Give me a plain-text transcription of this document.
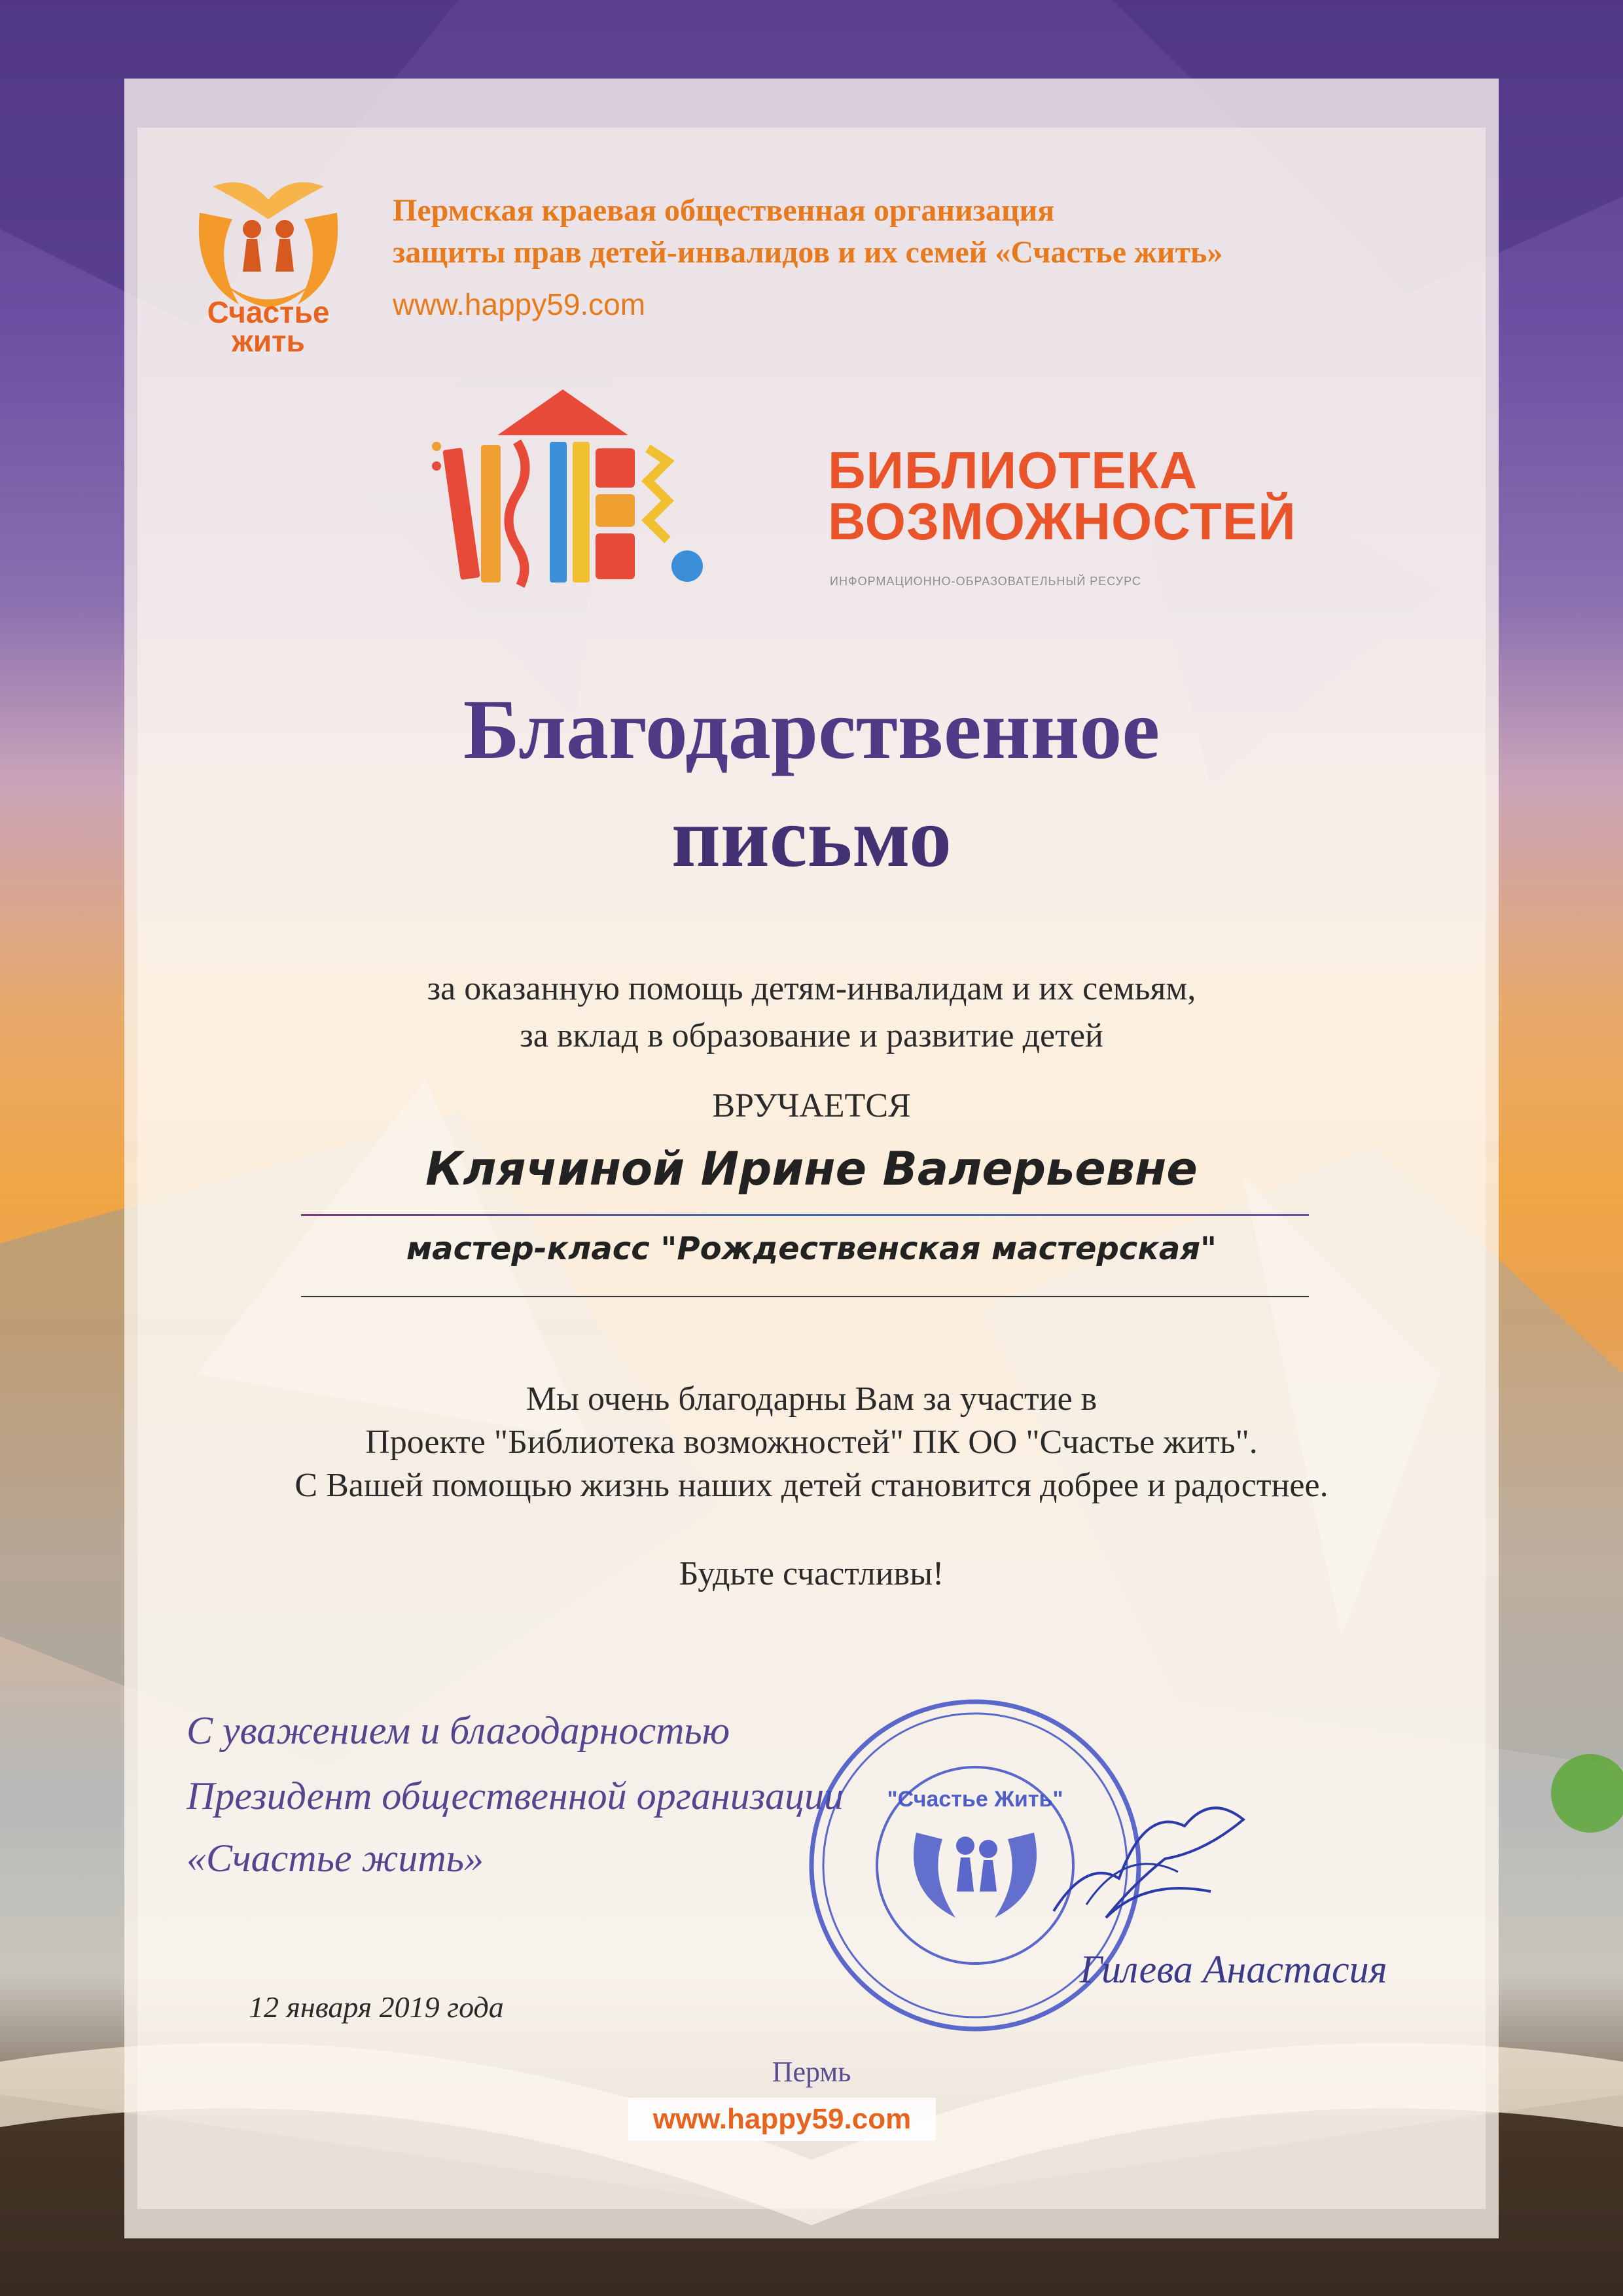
Счастье
жить
Пермская краевая общественная организация
защиты прав детей-инвалидов и их семей «Счастье жить»
www.happy59.com
БИБЛИОТЕКА
ВОЗМОЖНОСТЕЙ
ИНФОРМАЦИОННО-ОБРАЗОВАТЕЛЬНЫЙ РЕСУРС
Благодарственное
письмо
за оказанную помощь детям-инвалидам и их семьям,
за вклад в образование и развитие детей
ВРУЧАЕТСЯ
Клячиной Ирине Валерьевне
мастер-класс "Рождественская мастерская"
Мы очень благодарны Вам за участие в
Проекте "Библиотека возможностей" ПК ОО "Счастье жить".
С Вашей помощью жизнь наших детей становится добрее и радостнее.
Будьте счастливы!
С уважением и благодарностью
Президент общественной организации
«Счастье жить»
"Счастье Жить"
Гилева Анастасия
12 января 2019 года
Пермь
www.happy59.com
